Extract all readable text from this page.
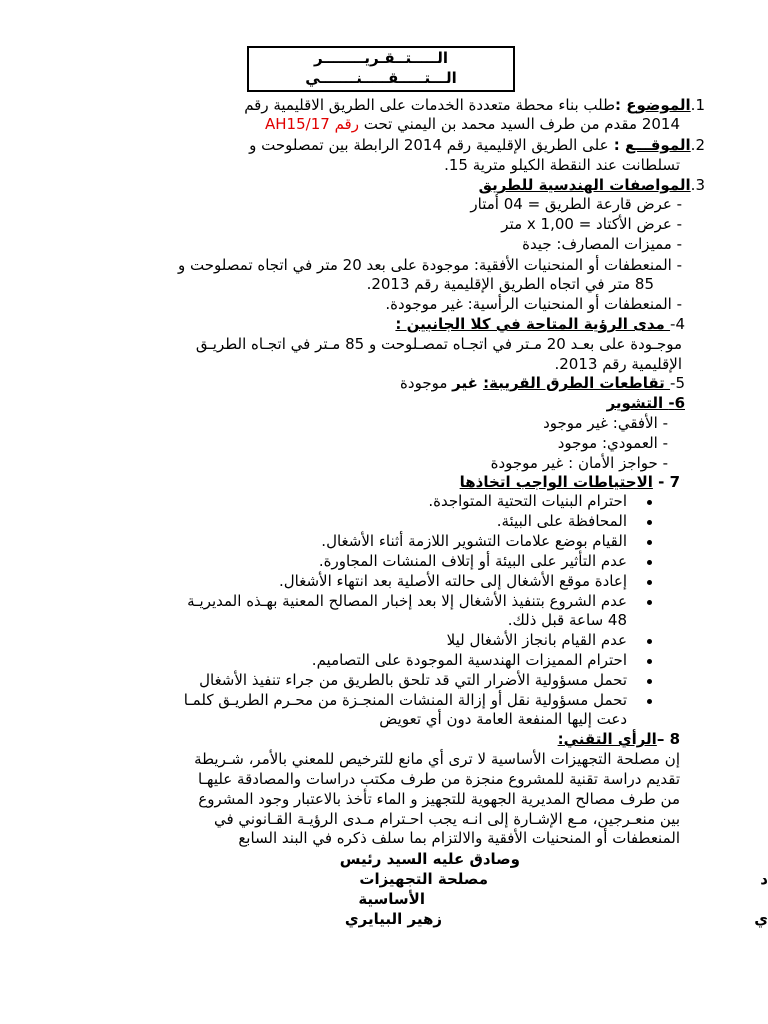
الـــــتــقـريــــــــر
الـــتـــــقـــــنـــــــي
1.الموضوع :طلب بناء محطة متعددة الخدمات على الطريق الاقليمية رقم
2014 مقدم من طرف السيد محمد بن اليمني تحت رقم AH15/17
2.الموقـــع : على الطريق الإقليمية رقم 2014 الرابطة بين تمصلوحت و
تسلطانت عند النقطة الكيلو مترية 15.
3.المواصفات الهندسية للطريق
- عرض قارعة الطريق = 04 أمتار
- عرض الأكتاد = x 1,00 متر
- مميزات المصارف: جيدة
- المنعطفات أو المنحنيات الأفقية: موجودة على بعد 20 متر في اتجاه تمصلوحت و
85 متر في اتجاه الطريق الإقليمية رقم 2013.
- المنعطفات أو المنحنيات الرأسية: غير موجودة.
4- مدى الرؤية المتاحة في كلا الجانبين :
موجـودة على بعـد 20 مـتر في اتجـاه تمصـلوحت و 85 مـتر في اتجـاه الطريـق
الإقليمية رقم 2013.
5- تقاطعات الطرق القريبة: غير موجودة
6- التشوير
- الأفقي: غير موجود
- العمودي: موجود
- حواجز الأمان : غير موجودة
7 - الاحتياطات الواجب اتخاذها
احترام البنيات التحتية المتواجدة.
المحافظة على البيئة.
القيام بوضع علامات التشوير اللازمة أثناء الأشغال.
عدم التأثير على البيئة أو إتلاف المنشات المجاورة.
إعادة موقع الأشغال إلى حالته الأصلية بعد انتهاء الأشغال.
عدم الشروع بتنفيذ الأشغال إلا بعد إخبار المصالح المعنية بهـذه المديريـة
48 ساعة قبل ذلك.
عدم القيام بانجاز الأشغال ليلا
احترام المميزات الهندسية الموجودة على التصاميم.
تحمل مسؤولية الأضرار التي قد تلحق بالطريق من جراء تنفيذ الأشغال
تحمل مسؤولية نقل أو إزالة المنشات المنجـزة من محـرم الطريـق كلمـا
دعت إليها المنفعة العامة دون أي تعويض
8 –الرأي التقني:
إن مصلحة التجهيزات الأساسية لا ترى أي مانع للترخيص للمعني بالأمر، شـريطة
تقديم دراسة تقنية للمشروع منجزة من طرف مكتب دراسات والمصادقة عليهـا
من طرف مصالح المديرية الجهوية للتجهيز و الماء تأخذ بالاعتبار وجود المشروع
بين منعـرجين، مـع الإشـارة إلى انـه يجب احـترام مـدى الرؤيـة القـانوني في
المنعطفات أو المنحنيات الأفقية والالتزام بما سلف ذكره في البند السابع
وصادق عليه السيد رئيس
مصلحة التجهيزات
الأساسية
زهير البيايري
د
ي
